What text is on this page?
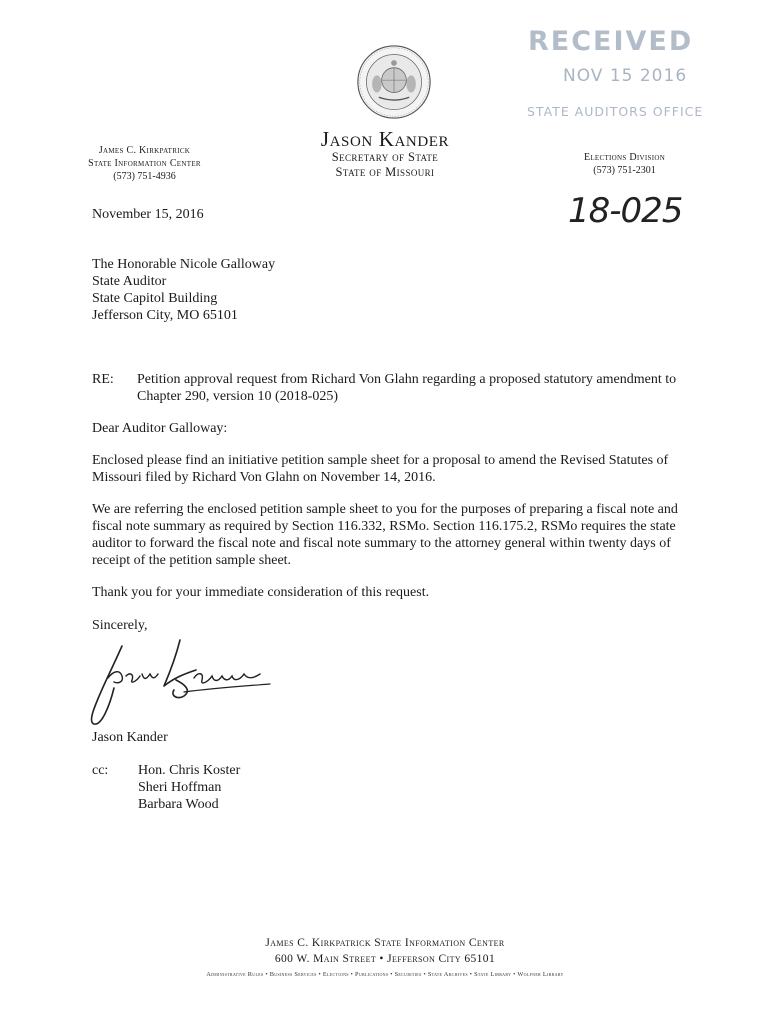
RECEIVED
NOV 15 2016
STATE AUDITORS OFFICE
Jason Kander
Secretary of State
State of Missouri
James C. Kirkpatrick
State Information Center
(573) 751-4936
Elections Division
(573) 751-2301
18-025
November 15, 2016
The Honorable Nicole Galloway
State Auditor
State Capitol Building
Jefferson City, MO 65101
RE: Petition approval request from Richard Von Glahn regarding a proposed statutory amendment to
Chapter 290, version 10 (2018-025)
Dear Auditor Galloway:
Enclosed please find an initiative petition sample sheet for a proposal to amend the Revised Statutes of
Missouri filed by Richard Von Glahn on November 14, 2016.
We are referring the enclosed petition sample sheet to you for the purposes of preparing a fiscal note and
fiscal note summary as required by Section 116.332, RSMo. Section 116.175.2, RSMo requires the state
auditor to forward the fiscal note and fiscal note summary to the attorney general within twenty days of
receipt of the petition sample sheet.
Thank you for your immediate consideration of this request.
Sincerely,
Jason Kander
cc: Hon. Chris Koster
Sheri Hoffman
Barbara Wood
James C. Kirkpatrick State Information Center
600 W. Main Street • Jefferson City 65101
Administrative Rules • Business Services • Elections • Publications • Securities • State Archives • State Library • Wolfner Library
